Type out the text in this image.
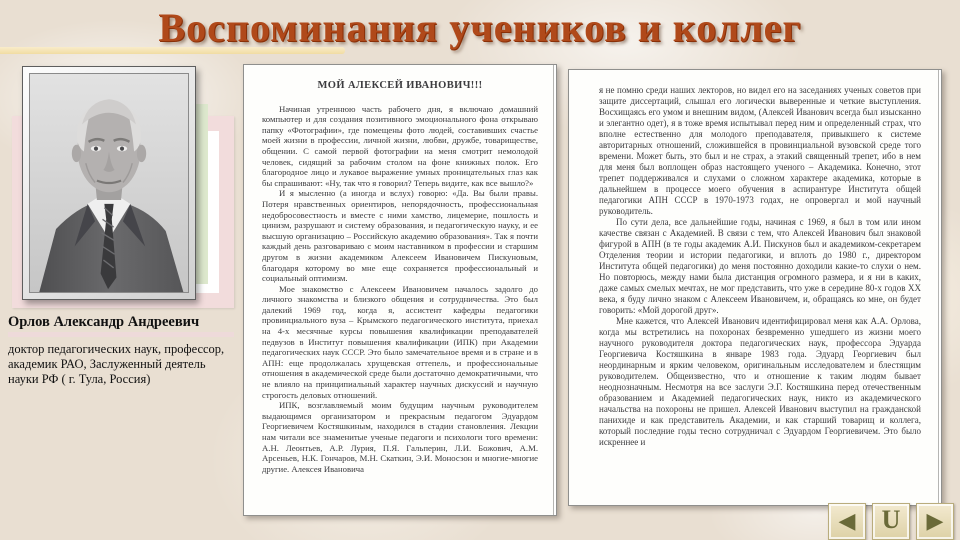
Воспоминания учеников и коллег
Орлов Александр Андреевич
доктор педагогических наук, профессор, академик РАО, Заслуженный деятель науки РФ ( г. Тула, Россия)
МОЙ АЛЕКСЕЙ ИВАНОВИЧ!!!

Начиная утреннюю часть рабочего дня, я включаю домашний компьютер и для создания позитивного эмоционального фона открываю папку «Фотографии», где помещены фото людей, составивших счастье моей жизни в профессии, личной жизни, любви, дружбе, товариществе, общении. С самой первой фотографии на меня смотрит немолодой человек, сидящий за рабочим столом на фоне книжных полок. Его благородное лицо и лукавое выражение умных проницательных глаз как бы спрашивают: «Ну, так что я говорил? Теперь видите, как все вышло?»

И я мысленно (а иногда и вслух) говорю: «Да. Вы были правы. Потеря нравственных ориентиров, непорядочность, профессиональная недобросовестность и вместе с ними хамство, лицемерие, пошлость и цинизм, разрушают и систему образования, и педагогическую науку, и ее высшую организацию – Российскую академию образования». Так я почти каждый день разговариваю с моим наставником в профессии и старшим другом в жизни академиком Алексеем Ивановичем Пискуновым, благодаря которому во мне еще сохраняется профессиональный и социальный оптимизм.

Мое знакомство с Алексеем Ивановичем началось задолго до личного знакомства и близкого общения и сотрудничества. Это был далекий 1969 год, когда я, ассистент кафедры педагогики провинциального вуза – Крымского педагогического института, приехал на 4-х месячные курсы повышения квалификации преподавателей педвузов в Институт повышения квалификации (ИПК) при Академии педагогических наук СССР. Это было замечательное время и в стране и в АПН: еще продолжалась хрущевская оттепель, и профессиональные отношения в академической среде были достаточно демократичными, что не влияло на принципиальный характер научных дискуссий и научную строгость деловых отношений.

ИПК, возглавляемый моим будущим научным руководителем выдающимся организатором и прекрасным педагогом Эдуардом Георгиевичем Костяшкиным, находился в стадии становления. Лекции нам читали все знаменитые ученые педагоги и психологи того времени: А.Н. Леонтьев, А.Р. Лурия, П.Я. Гальперин, Л.И. Божович, А.М. Арсеньев, Н.К. Гончаров, М.Н. Скаткин, Э.И. Моносзон и многие-многие другие. Алексея Ивановича

я не помню среди наших лекторов, но видел его на заседаниях ученых советов при защите диссертаций, слышал его логически выверенные и четкие выступления. Восхищаясь его умом и внешним видом, (Алексей Иванович всегда был изысканно и элегантно одет), я в тоже время испытывал перед ним и определенный страх, что вполне естественно для молодого преподавателя, привыкшего к системе авторитарных отношений, сложившейся в провинциальной вузовской среде того времени. Может быть, это был и не страх, а этакий священный трепет, ибо в нем для меня был воплощен образ настоящего ученого – Академика. Конечно, этот трепет поддерживался и слухами о сложном характере академика, которые в дальнейшем в процессе моего обучения в аспирантуре Института общей педагогики АПН СССР в 1970-1973 годах, не опровергал и мой научный руководитель.

По сути дела, все дальнейшие годы, начиная с 1969, я был в том или ином качестве связан с Академией. В связи с тем, что Алексей Иванович был знаковой фигурой в АПН (в те годы академик А.И. Пискунов был и академиком-секретарем Отделения теории и истории педагогики, и вплоть до 1980 г., директором Института общей педагогики) до меня постоянно доходили какие-то слухи о нем. Но повторюсь, между нами была дистанция огромного размера, и я ни в каких, даже самых смелых мечтах, не мог представить, что уже в середине 80-х годов XX века, я буду лично знаком с Алексеем Ивановичем, и, обращаясь ко мне, он будет говорить: «Мой дорогой друг».

Мне кажется, что Алексей Иванович идентифицировал меня как А.А. Орлова, когда мы встретились на похоронах безвременно ушедшего из жизни моего научного руководителя доктора педагогических наук, профессора Эдуарда Георгиевича Костяшкина в январе 1983 года. Эдуард Георгиевич был неординарным и ярким человеком, оригинальным исследователем и блестящим руководителем. Общеизвестно, что и отношение к таким людям бывает неоднозначным. Несмотря на все заслуги Э.Г. Костяшкина перед отечественным образованием и Академией педагогических наук, никто из академического начальства на похороны не пришел. Алексей Иванович выступил на гражданской панихиде и как представитель Академии, и как старший товарищ и коллега, который последние годы тесно сотрудничал с Эдуардом Георгиевичем. Это было искреннее и

◀ U ▶
